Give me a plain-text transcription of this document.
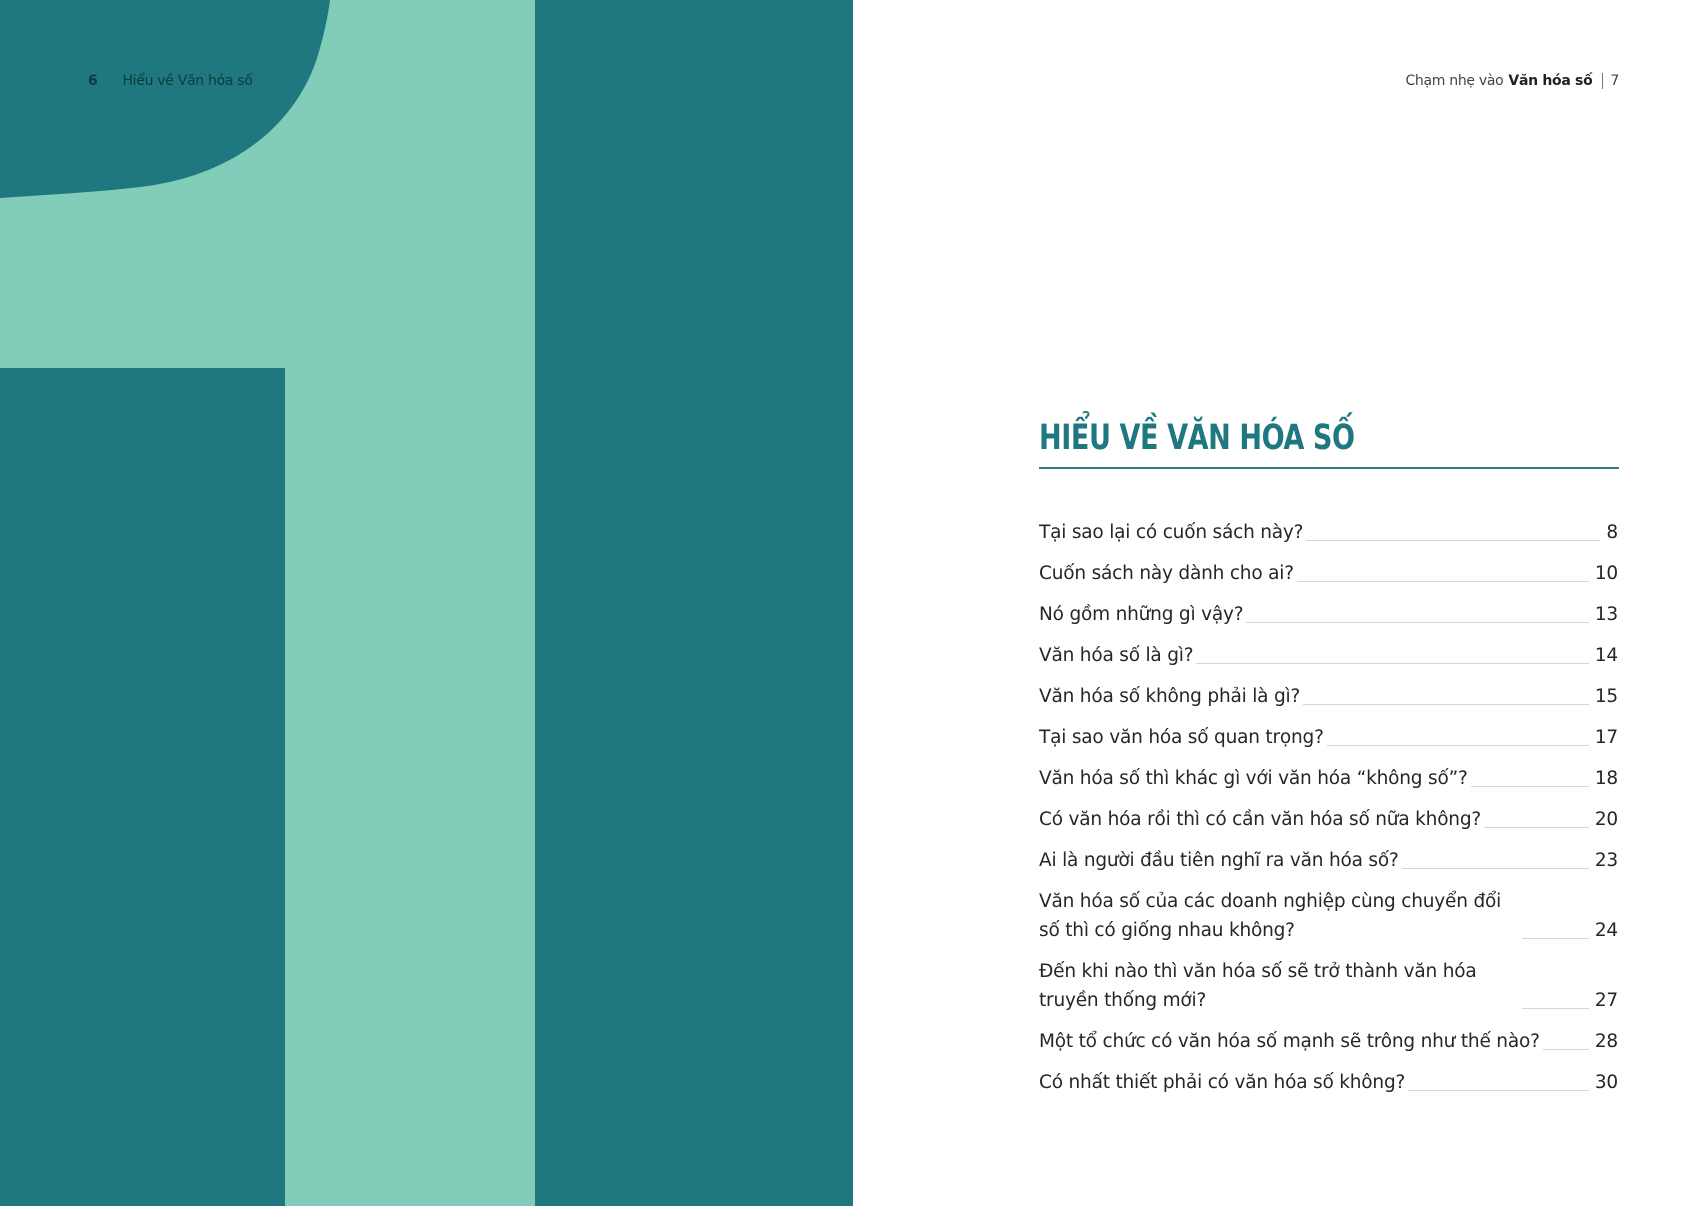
6 Hiểu về Văn hóa số	Chạm nhẹ vào Văn hóa số 7
HIỂU VỀ VĂN HÓA SỐ
Tại sao lại có cuốn sách này?	8
Cuốn sách này dành cho ai?	10
Nó gồm những gì vậy?	13
Văn hóa số là gì?	14
Văn hóa số không phải là gì?	15
Tại sao văn hóa số quan trọng?	17
Văn hóa số thì khác gì với văn hóa “không số”?	18
Có văn hóa rồi thì có cần văn hóa số nữa không?	20
Ai là người đầu tiên nghĩ ra văn hóa số?	23
Văn hóa số của các doanh nghiệp cùng chuyển đổi số thì có giống nhau không?	24
Đến khi nào thì văn hóa số sẽ trở thành văn hóa truyền thống mới?	27
Một tổ chức có văn hóa số mạnh sẽ trông như thế nào?	28
Có nhất thiết phải có văn hóa số không?	30
